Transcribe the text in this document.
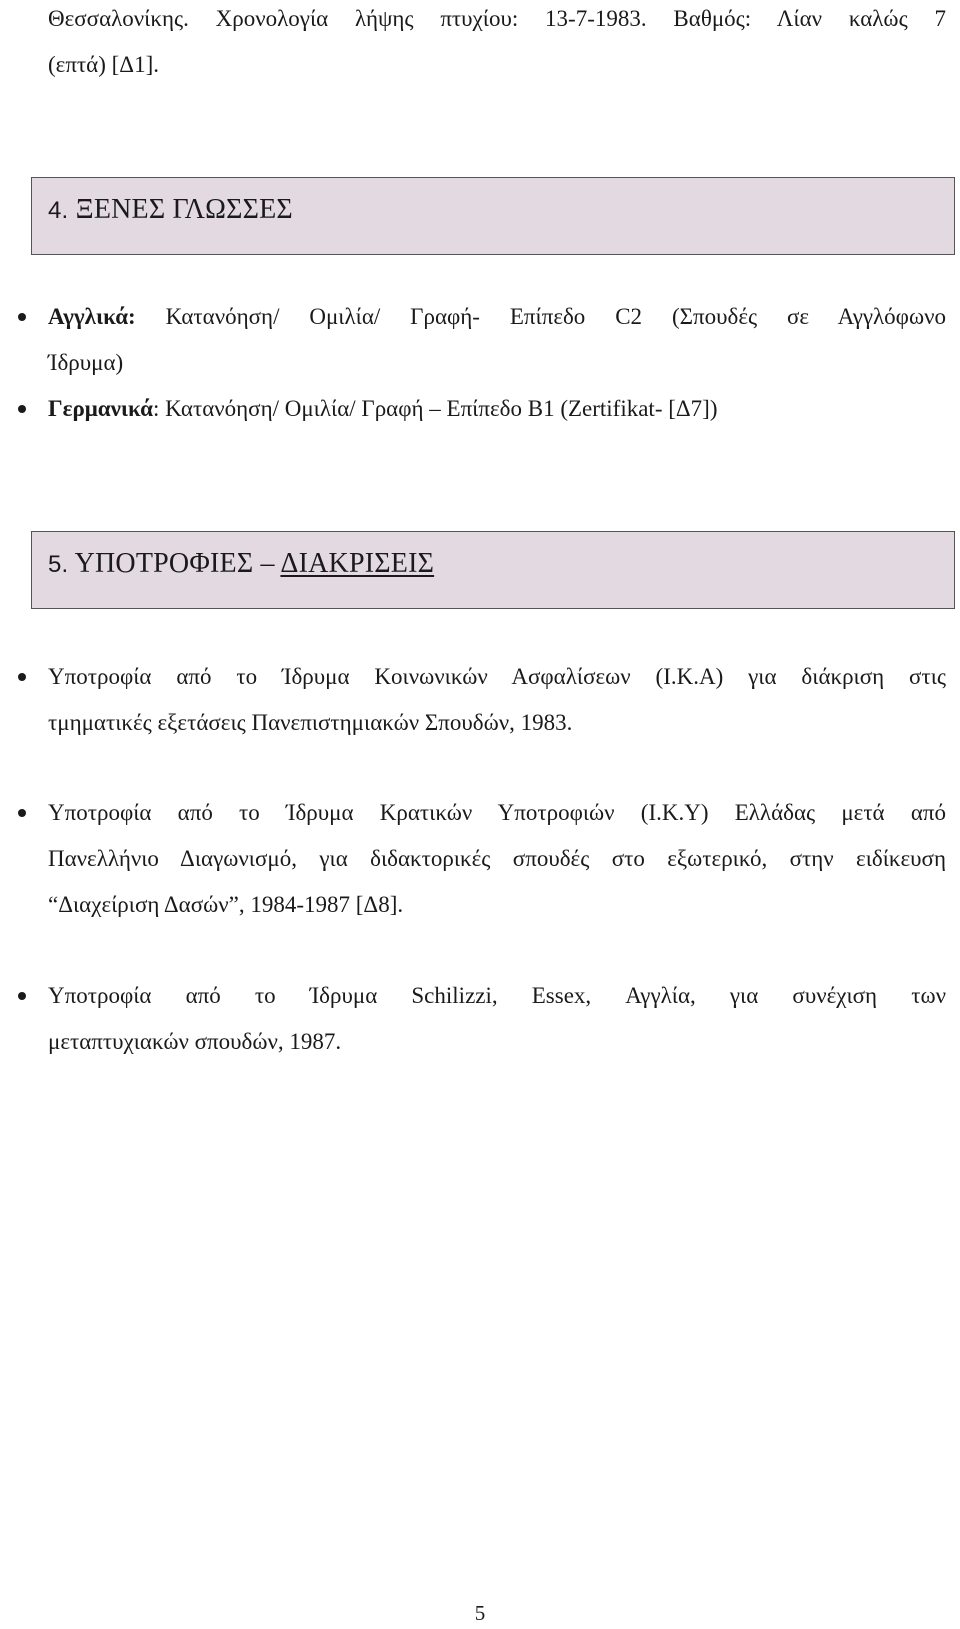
Θεσσαλονίκης. Χρονολογία λήψης πτυχίου: 13-7-1983. Βαθμός: Λίαν καλώς 7
(επτά) [Δ1].
4. ΞΕΝΕΣ ΓΛΩΣΣΕΣ
Αγγλικά: Κατανόηση/ Ομιλία/ Γραφή- Επίπεδο C2 (Σπουδές σε Αγγλόφωνο
Ίδρυμα)
Γερμανικά: Κατανόηση/ Ομιλία/ Γραφή – Επίπεδο Β1 (Zertifikat- [Δ7])
5. ΥΠΟΤΡΟΦΙΕΣ – ΔΙΑΚΡΙΣΕΙΣ
Υποτροφία από το Ίδρυμα Κοινωνικών Ασφαλίσεων (Ι.Κ.Α) για διάκριση στις
τμηματικές εξετάσεις Πανεπιστημιακών Σπουδών, 1983.
Υποτροφία από το Ίδρυμα Κρατικών Υποτροφιών (Ι.Κ.Υ) Ελλάδας μετά από
Πανελλήνιο Διαγωνισμό, για διδακτορικές σπουδές στο εξωτερικό, στην ειδίκευση
“Διαχείριση Δασών”, 1984-1987 [Δ8].
Υποτροφία από το Ίδρυμα Schilizzi, Essex, Αγγλία, για συνέχιση των
μεταπτυχιακών σπουδών, 1987.
5
